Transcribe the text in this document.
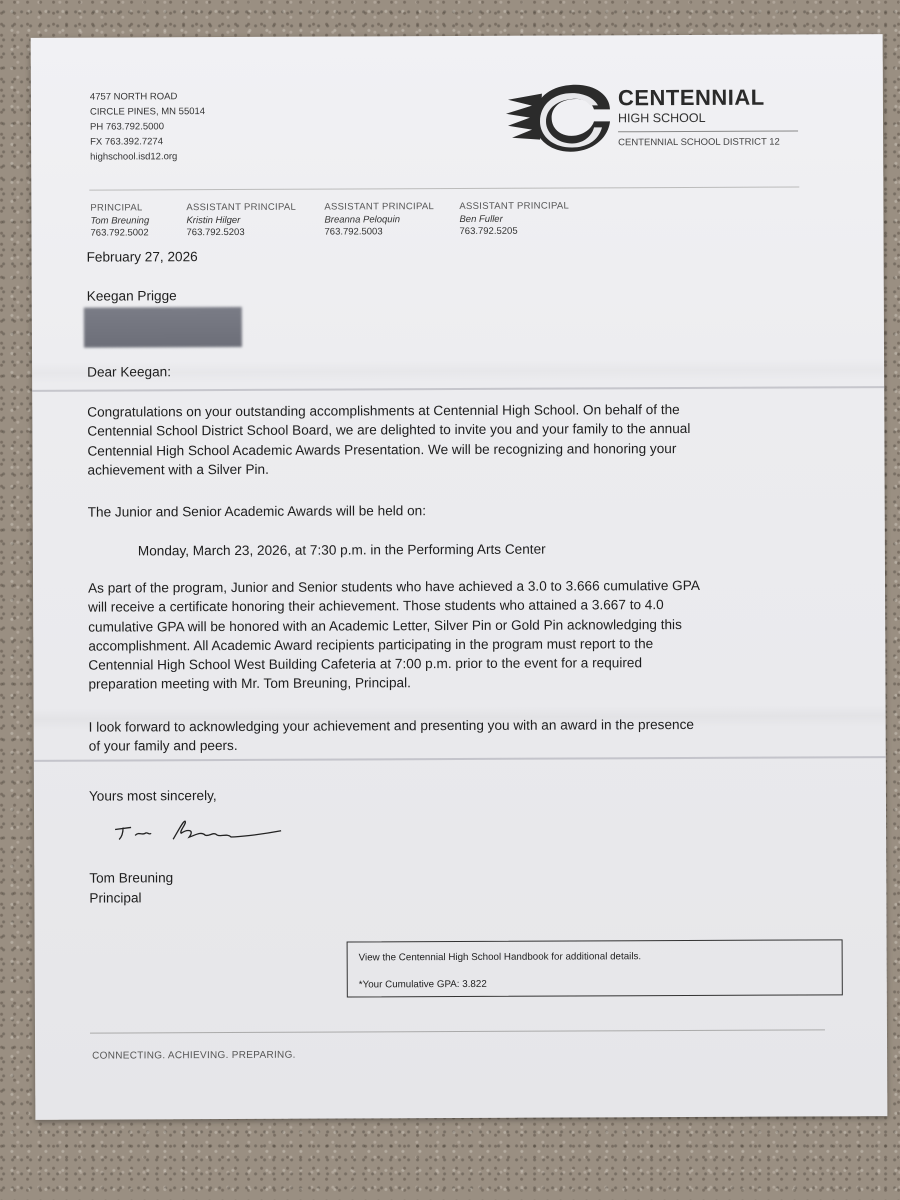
4757 NORTH ROAD
CIRCLE PINES, MN 55014
PH 763.792.5000
FX 763.392.7274
highschool.isd12.org
CENTENNIAL
HIGH SCHOOL
CENTENNIAL SCHOOL DISTRICT 12
PRINCIPAL
Tom Breuning
763.792.5002
ASSISTANT PRINCIPAL
Kristin Hilger
763.792.5203
ASSISTANT PRINCIPAL
Breanna Peloquin
763.792.5003
ASSISTANT PRINCIPAL
Ben Fuller
763.792.5205
February 27, 2026
Keegan Prigge
Dear Keegan:
Congratulations on your outstanding accomplishments at Centennial High School. On behalf of the
Centennial School District School Board, we are delighted to invite you and your family to the annual
Centennial High School Academic Awards Presentation. We will be recognizing and honoring your
achievement with a Silver Pin.
The Junior and Senior Academic Awards will be held on:
Monday, March 23, 2026, at 7:30 p.m. in the Performing Arts Center
As part of the program, Junior and Senior students who have achieved a 3.0 to 3.666 cumulative GPA
will receive a certificate honoring their achievement. Those students who attained a 3.667 to 4.0
cumulative GPA will be honored with an Academic Letter, Silver Pin or Gold Pin acknowledging this
accomplishment. All Academic Award recipients participating in the program must report to the
Centennial High School West Building Cafeteria at 7:00 p.m. prior to the event for a required
preparation meeting with Mr. Tom Breuning, Principal.
I look forward to acknowledging your achievement and presenting you with an award in the presence
of your family and peers.
Yours most sincerely,
Tom Breuning
Principal
View the Centennial High School Handbook for additional details.
*Your Cumulative GPA: 3.822
CONNECTING. ACHIEVING. PREPARING.
